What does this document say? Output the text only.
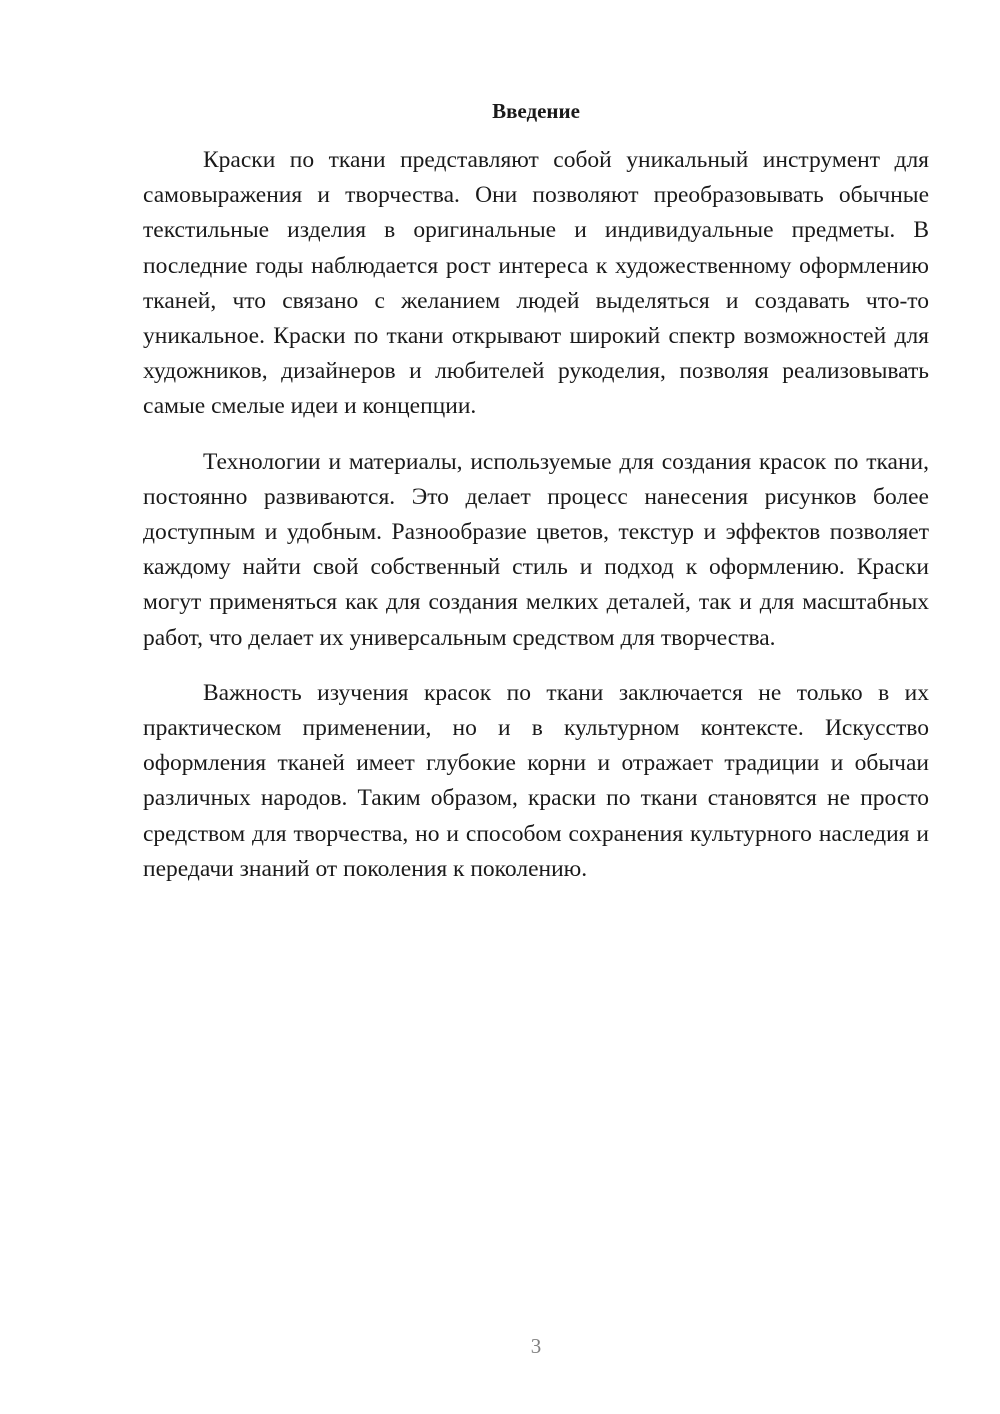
Введение

Краски по ткани представляют собой уникальный инструмент для самовыражения и творчества. Они позволяют преобразовывать обычные текстильные изделия в оригинальные и индивидуальные предметы. В последние годы наблюдается рост интереса к художественному оформлению тканей, что связано с желанием людей выделяться и создавать что-то уникальное. Краски по ткани открывают широкий спектр возможностей для художников, дизайнеров и любителей рукоделия, позволяя реализовывать самые смелые идеи и концепции.

Технологии и материалы, используемые для создания красок по ткани, постоянно развиваются. Это делает процесс нанесения рисунков более доступным и удобным. Разнообразие цветов, текстур и эффектов позволяет каждому найти свой собственный стиль и подход к оформлению. Краски могут применяться как для создания мелких деталей, так и для масштабных работ, что делает их универсальным средством для творчества.

Важность изучения красок по ткани заключается не только в их практическом применении, но и в культурном контексте. Искусство оформления тканей имеет глубокие корни и отражает традиции и обычаи различных народов. Таким образом, краски по ткани становятся не просто средством для творчества, но и способом сохранения культурного наследия и передачи знаний от поколения к поколению.

3
